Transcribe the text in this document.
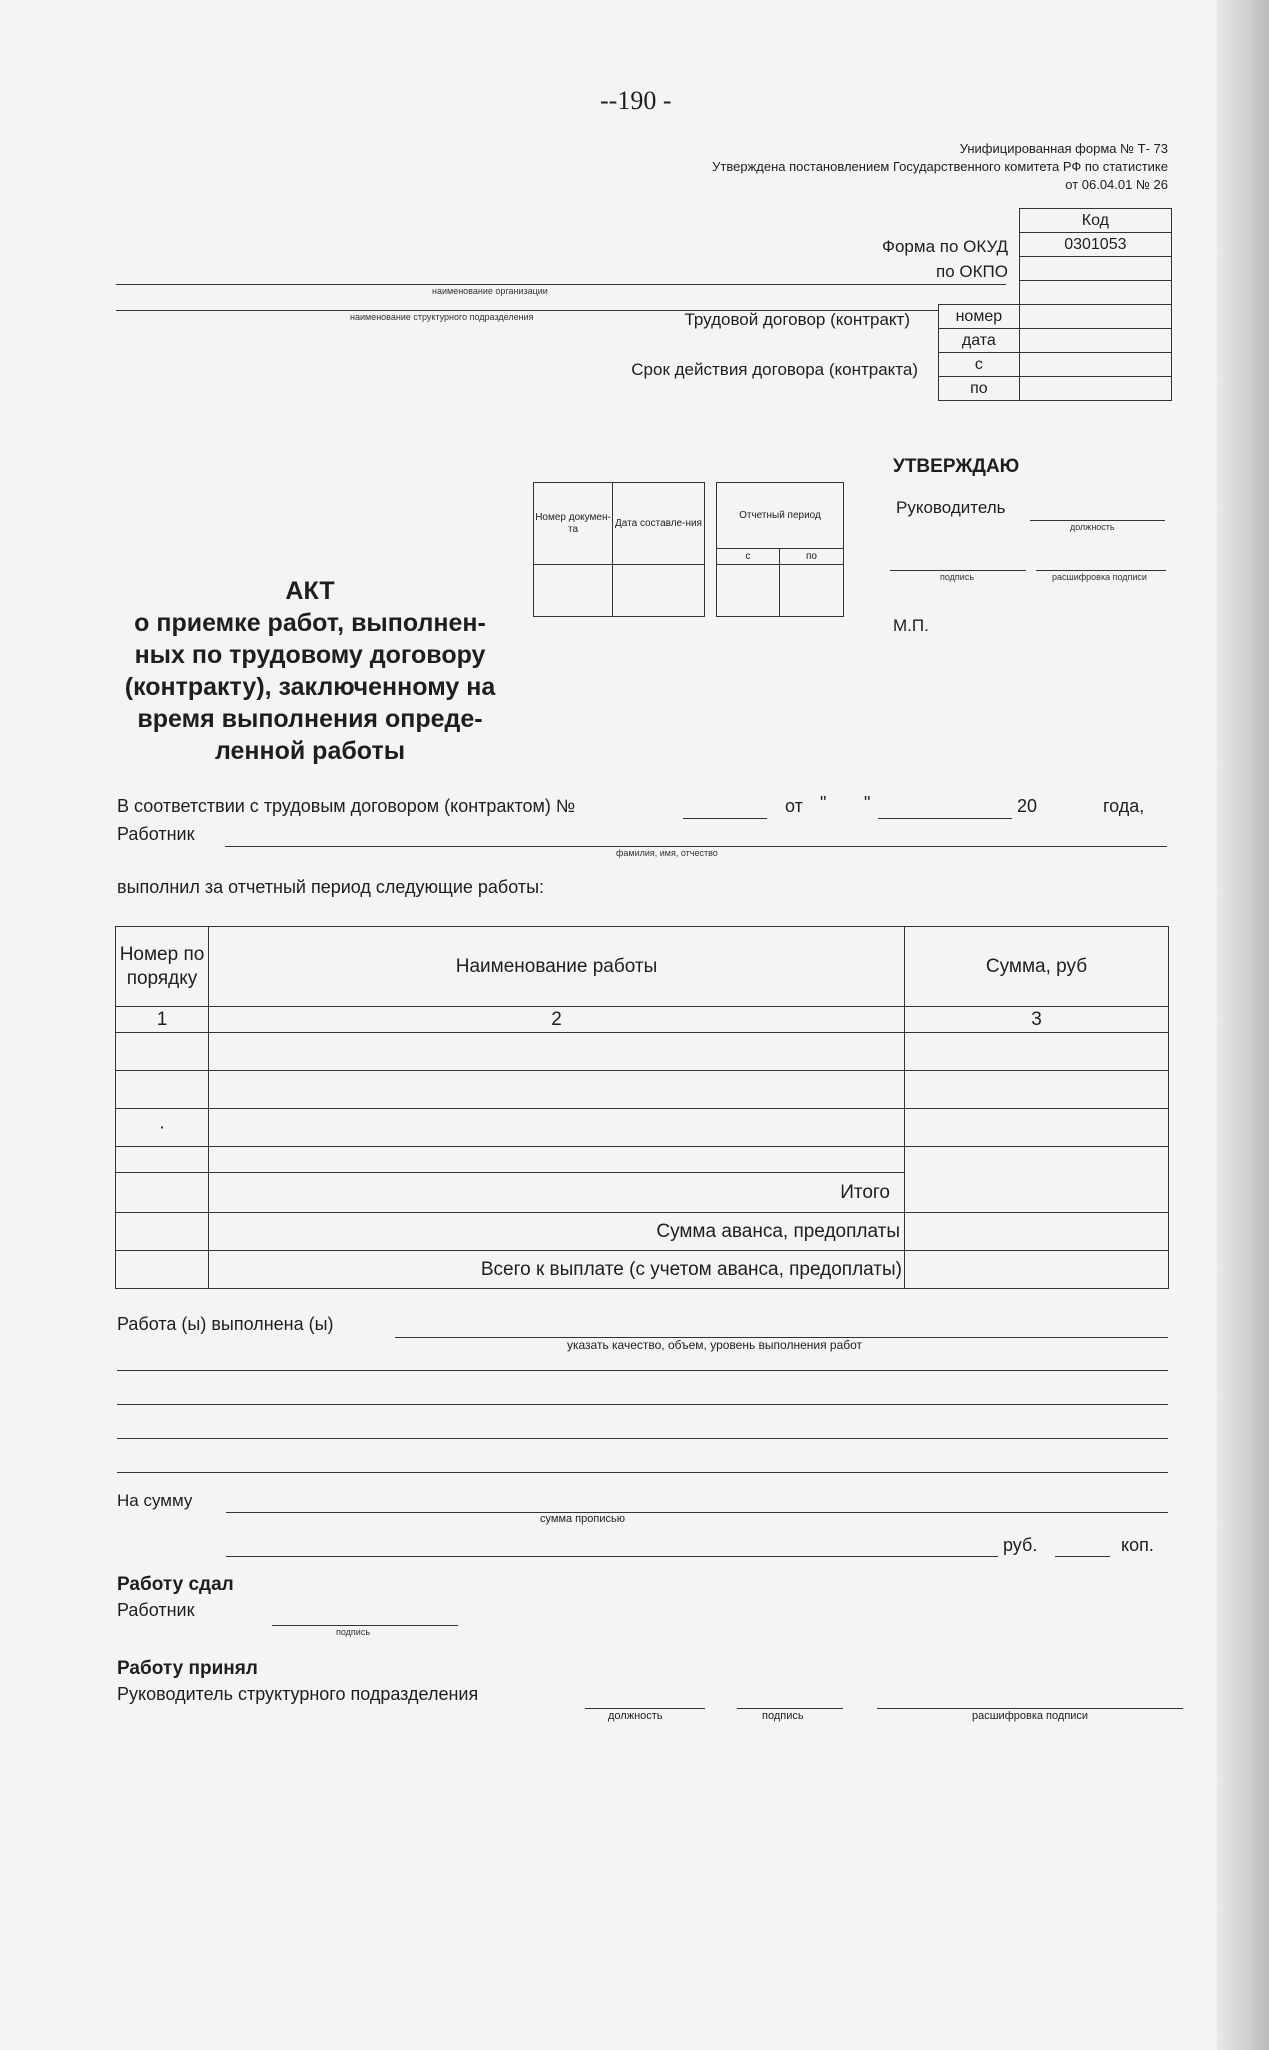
--190 -
Унифицированная форма № Т- 73
Утверждена постановлением Государственного комитета РФ по статистике
от 06.04.01 № 26
	Код
	0301053

номер	
дата	
с	
по	
Форма по ОКУД
по ОКПО
наименование организации
наименование структурного подразделения	Трудовой договор (контракт)
Срок действия договора (контракта)
Номер докумен-та	Дата составле-ния

Отчетный период	
с	по

УТВЕРЖДАЮ
Руководитель
должность
подпись	расшифровка подписи
М.П.
АКТ
о приемке работ, выполнен-
ных по трудовому договору
(контракту), заключенному на
время выполнения опреде-
ленной работы
В соответствии с трудовым договором (контрактом) №	от " "	20	года,
Работник
фамилия, имя, отчество
выполнил за отчетный период следующие работы:
Номер по порядку	Наименование работы	Сумма, руб
1	2	3

·		

	Итого	
	Сумма аванса, предоплаты	
	Всего к выплате (с учетом аванса, предоплаты)	
Работа (ы) выполнена (ы)
указать качество, объем, уровень выполнения работ
На сумму
сумма прописью
руб.	коп.
Работу сдал
Работник
подпись
Работу принял
Руководитель структурного подразделения
должность	подпись	расшифровка подписи
